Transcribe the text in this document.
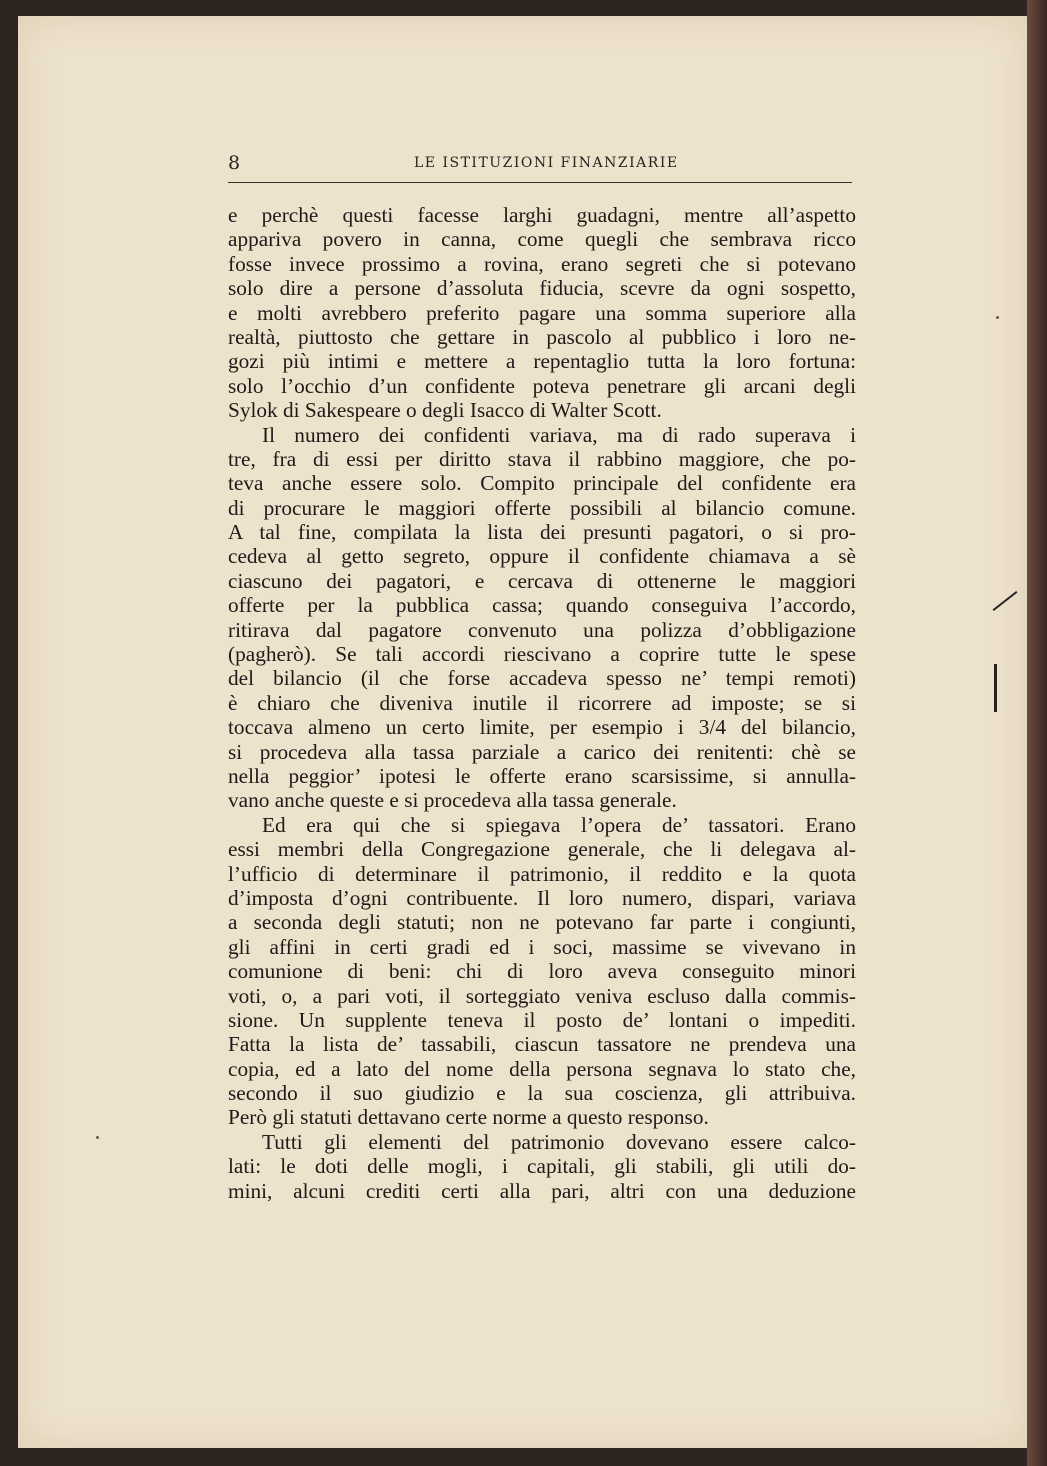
8	LE ISTITUZIONI FINANZIARIE
e perchè questi facesse larghi guadagni, mentre all’aspetto
appariva povero in canna, come quegli che sembrava ricco
fosse invece prossimo a rovina, erano segreti che si potevano
solo dire a persone d’assoluta fiducia, scevre da ogni sospetto,
e molti avrebbero preferito pagare una somma superiore alla
realtà, piuttosto che gettare in pascolo al pubblico i loro ne-
gozi più intimi e mettere a repentaglio tutta la loro fortuna:
solo l’occhio d’un confidente poteva penetrare gli arcani degli
Sylok di Sakespeare o degli Isacco di Walter Scott.
Il numero dei confidenti variava, ma di rado superava i
tre, fra di essi per diritto stava il rabbino maggiore, che po-
teva anche essere solo. Compito principale del confidente era
di procurare le maggiori offerte possibili al bilancio comune.
A tal fine, compilata la lista dei presunti pagatori, o si pro-
cedeva al getto segreto, oppure il confidente chiamava a sè
ciascuno dei pagatori, e cercava di ottenerne le maggiori
offerte per la pubblica cassa; quando conseguiva l’accordo,
ritirava dal pagatore convenuto una polizza d’obbligazione
(pagherò). Se tali accordi riescivano a coprire tutte le spese
del bilancio (il che forse accadeva spesso ne’ tempi remoti)
è chiaro che diveniva inutile il ricorrere ad imposte; se si
toccava almeno un certo limite, per esempio i 3/4 del bilancio,
si procedeva alla tassa parziale a carico dei renitenti: chè se
nella peggior’ ipotesi le offerte erano scarsissime, si annulla-
vano anche queste e si procedeva alla tassa generale.
Ed era qui che si spiegava l’opera de’ tassatori. Erano
essi membri della Congregazione generale, che li delegava al-
l’ufficio di determinare il patrimonio, il reddito e la quota
d’imposta d’ogni contribuente. Il loro numero, dispari, variava
a seconda degli statuti; non ne potevano far parte i congiunti,
gli affini in certi gradi ed i soci, massime se vivevano in
comunione di beni: chi di loro aveva conseguito minori
voti, o, a pari voti, il sorteggiato veniva escluso dalla commis-
sione. Un supplente teneva il posto de’ lontani o impediti.
Fatta la lista de’ tassabili, ciascun tassatore ne prendeva una
copia, ed a lato del nome della persona segnava lo stato che,
secondo il suo giudizio e la sua coscienza, gli attribuiva.
Però gli statuti dettavano certe norme a questo responso.
Tutti gli elementi del patrimonio dovevano essere calco-
lati: le doti delle mogli, i capitali, gli stabili, gli utili do-
mini, alcuni crediti certi alla pari, altri con una deduzione
